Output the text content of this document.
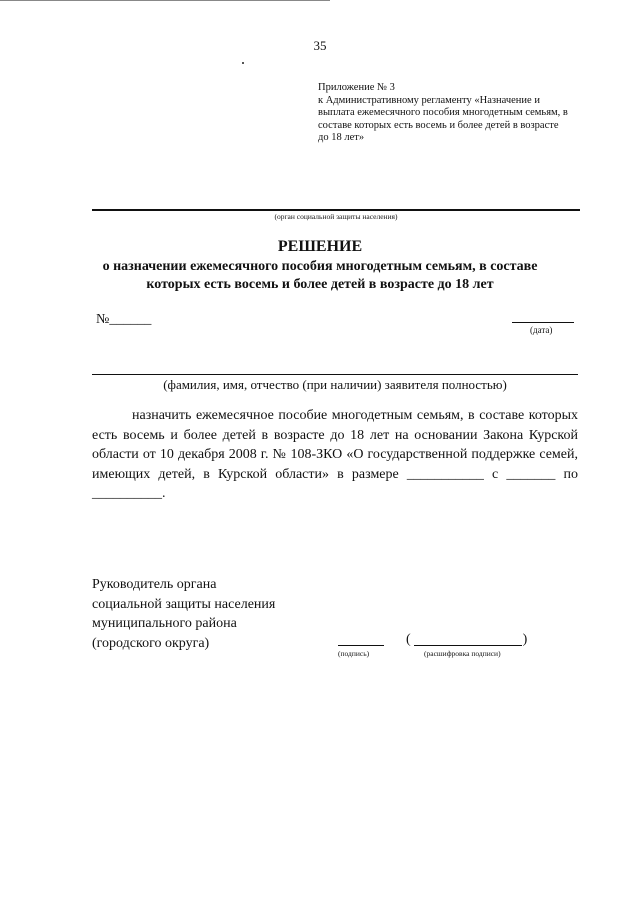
35
Приложение № 3
к Административному регламенту «Назначение и
выплата ежемесячного пособия многодетным семьям, в
составе которых есть восемь и более детей в возрасте
до 18 лет»
(орган социальной защиты населения)
РЕШЕНИЕ
о назначении ежемесячного пособия многодетным семьям, в составе
которых есть восемь и более детей в возрасте до 18 лет
№______
(дата)
(фамилия, имя, отчество (при наличии) заявителя полностью)
назначить ежемесячное пособие многодетным семьям, в составе которых есть восемь и более детей в возрасте до 18 лет на основании Закона Курской области от 10 декабря 2008 г. № 108-ЗКО «О государственной поддержке семей, имеющих детей, в Курской области» в размере ___________ с _______ по __________.
Руководитель органа
социальной защиты населения
муниципального района
(городского округа)
(подпись)
(	)
(расшифровка подписи)
